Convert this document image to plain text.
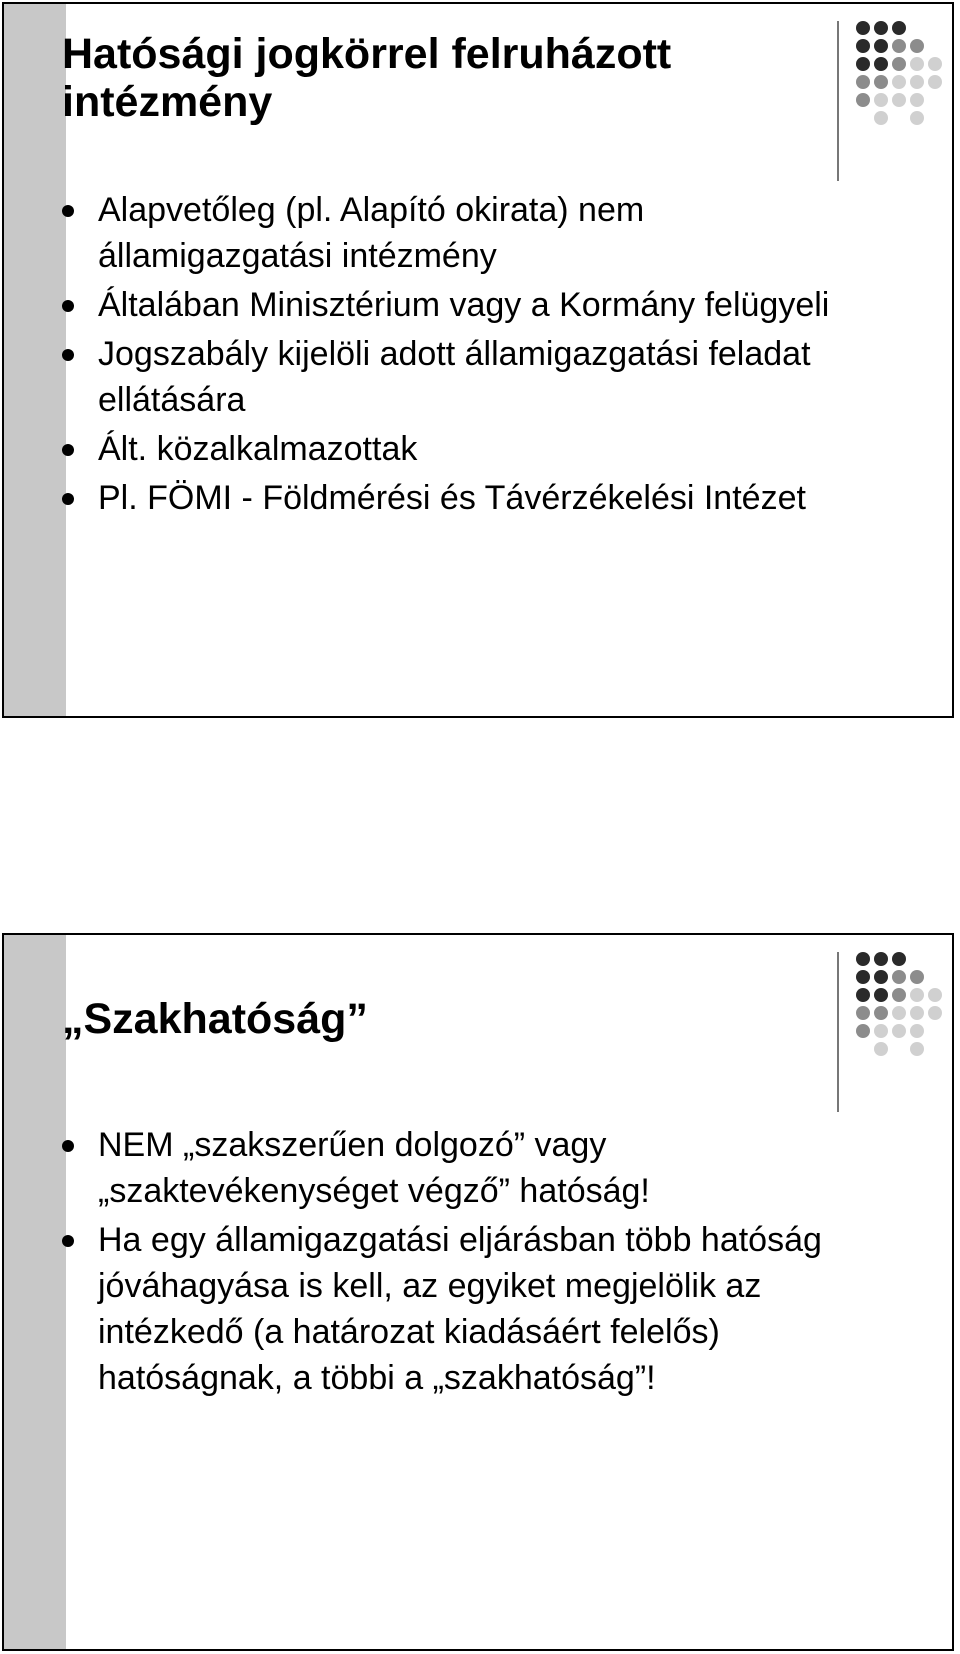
Hatósági jogkörrel felruházott intézmény
Alapvetőleg (pl. Alapító okirata) nem államigazgatási intézmény
Általában Minisztérium vagy a Kormány felügyeli
Jogszabály kijelöli adott államigazgatási feladat ellátására
Ált. közalkalmazottak
Pl. FÖMI - Földmérési és Távérzékelési Intézet
„Szakhatóság”
NEM „szakszerűen dolgozó” vagy „szaktevékenységet végző” hatóság!
Ha egy államigazgatási eljárásban több hatóság jóváhagyása is kell, az egyiket megjelölik az intézkedő (a határozat kiadásáért felelős) hatóságnak, a többi a „szakhatóság”!
